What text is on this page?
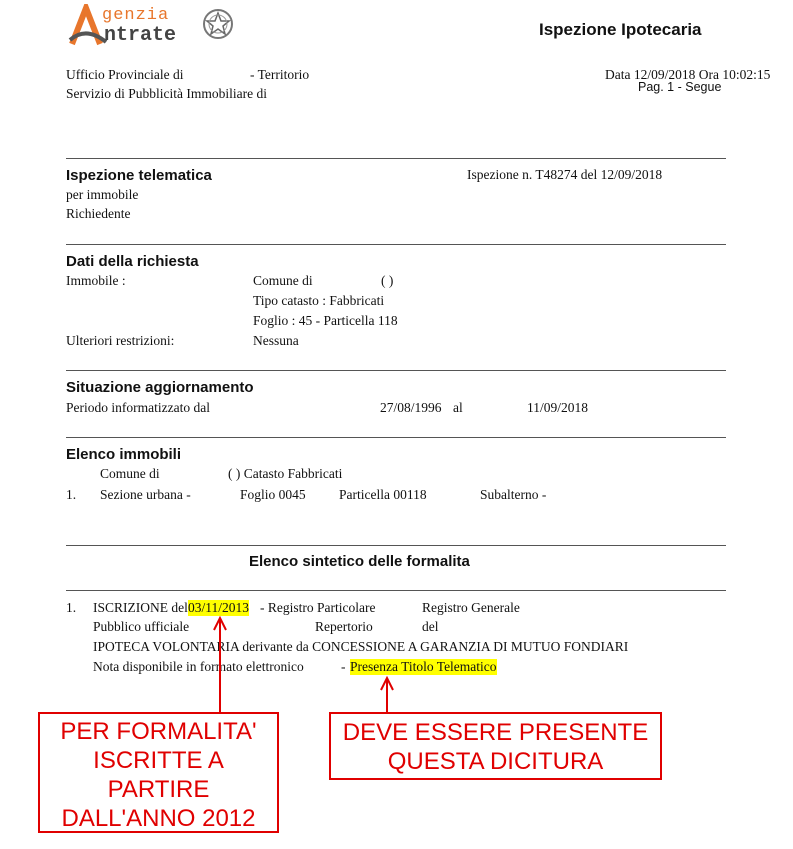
genzia
ntrate	Ispezione Ipotecaria
Ufficio Provinciale di	- Territorio
Servizio di Pubblicità Immobiliare di
Data 12/09/2018 Ora 10:02:15
Pag. 1 - Segue
Ispezione telematica
per immobile
Richiedente
Ispezione n. T48274 del 12/09/2018
Dati della richiesta
Immobile :	Comune di	( )
Tipo catasto : Fabbricati
Foglio : 45 - Particella 118
Ulteriori restrizioni:	Nessuna
Situazione aggiornamento
Periodo informatizzato dal	27/08/1996 al	11/09/2018
Elenco immobili
Comune di	( ) Catasto Fabbricati
1. Sezione urbana -	Foglio 0045 Particella 00118	Subalterno -
Elenco sintetico delle formalita
1. ISCRIZIONE del 03/11/2013 - Registro Particolare	Registro Generale
Pubblico ufficiale	Repertorio	del
IPOTECA VOLONTARIA derivante da CONCESSIONE A GARANZIA DI MUTUO FONDIARI
Nota disponibile in formato elettronico	- Presenza Titolo Telematico
PER FORMALITA'
ISCRITTE A
PARTIRE
DALL'ANNO 2012
DEVE ESSERE PRESENTE
QUESTA DICITURA
